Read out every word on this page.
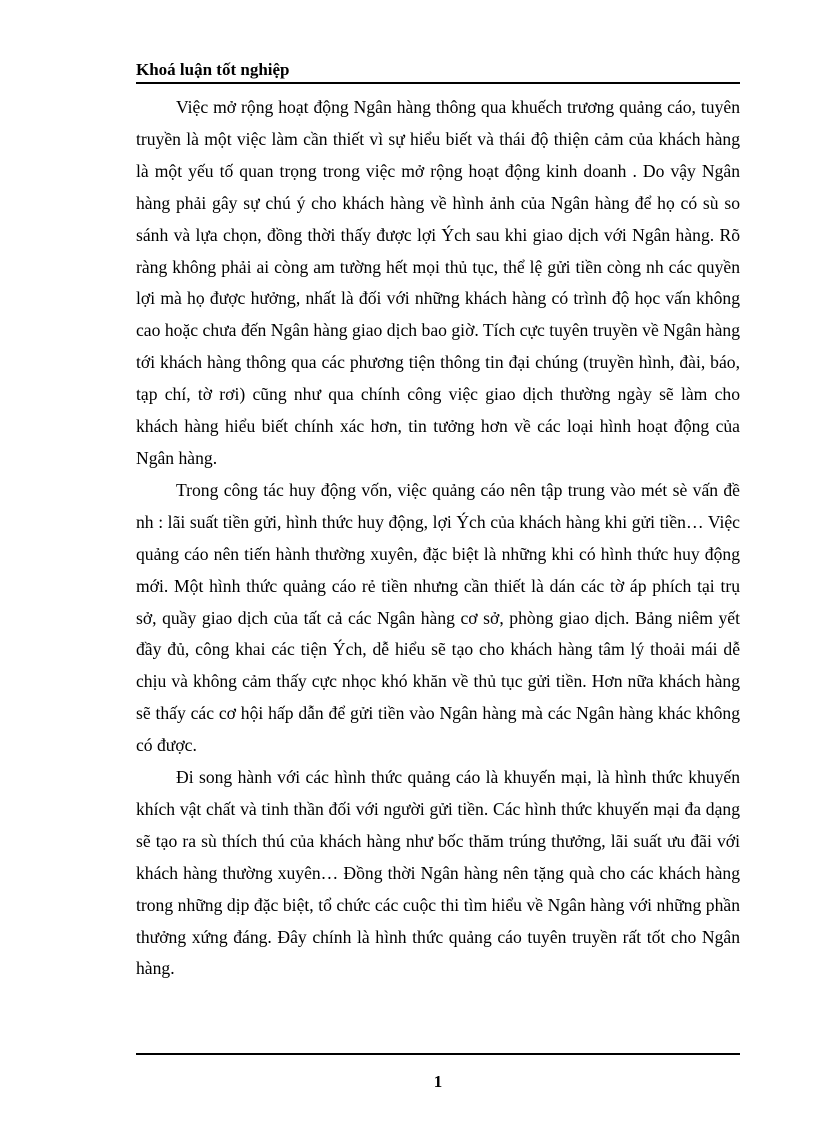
Khoá luận tốt nghiệp

Việc mở rộng hoạt động Ngân hàng thông qua khuếch trương quảng cáo, tuyên truyền là một việc làm cần thiết vì sự hiểu biết và thái độ thiện cảm của khách hàng là một yếu tố quan trọng trong việc mở rộng hoạt động kinh doanh . Do vậy Ngân hàng phải gây sự chú ý cho khách hàng về hình ảnh của Ngân hàng để họ có sù so sánh và lựa chọn, đồng thời thấy được lợi Ých sau khi giao dịch với Ngân hàng. Rõ ràng không phải ai còng am tường hết mọi thủ tục, thể lệ gửi tiền còng nh các quyền lợi mà họ được hưởng, nhất là đối với những khách hàng có trình độ học vấn không cao hoặc chưa đến Ngân hàng giao dịch bao giờ. Tích cực tuyên truyền về Ngân hàng tới khách hàng thông qua các phương tiện thông tin đại chúng (truyền hình, đài, báo, tạp chí, tờ rơi) cũng như qua chính công việc giao dịch thường ngày sẽ làm cho khách hàng hiểu biết chính xác hơn, tin tưởng hơn về các loại hình hoạt động của Ngân hàng.

Trong công tác huy động vốn, việc quảng cáo nên tập trung vào mét sè vấn đề nh : lãi suất tiền gửi, hình thức huy động, lợi Ých của khách hàng khi gửi tiền… Việc quảng cáo nên tiến hành thường xuyên, đặc biệt là những khi có hình thức huy động mới. Một hình thức quảng cáo rẻ tiền nhưng cần thiết là dán các tờ áp phích tại trụ sở, quầy giao dịch của tất cả các Ngân hàng cơ sở, phòng giao dịch. Bảng niêm yết đầy đủ, công khai các tiện Ých, dễ hiểu sẽ tạo cho khách hàng tâm lý thoải mái dễ chịu và không cảm thấy cực nhọc khó khăn về thủ tục gửi tiền. Hơn nữa khách hàng sẽ thấy các cơ hội hấp dẫn để gửi tiền vào Ngân hàng mà các Ngân hàng khác không có được.

Đi song hành với các hình thức quảng cáo là khuyến mại, là hình thức khuyến khích vật chất và tinh thần đối với người gửi tiền. Các hình thức khuyến mại đa dạng sẽ tạo ra sù thích thú của khách hàng như bốc thăm trúng thưởng, lãi suất ưu đãi với khách hàng thường xuyên… Đồng thời Ngân hàng nên tặng quà cho các khách hàng trong những dịp đặc biệt, tổ chức các cuộc thi tìm hiểu về Ngân hàng với những phần thưởng xứng đáng. Đây chính là hình thức quảng cáo tuyên truyền rất tốt cho Ngân hàng.

1
